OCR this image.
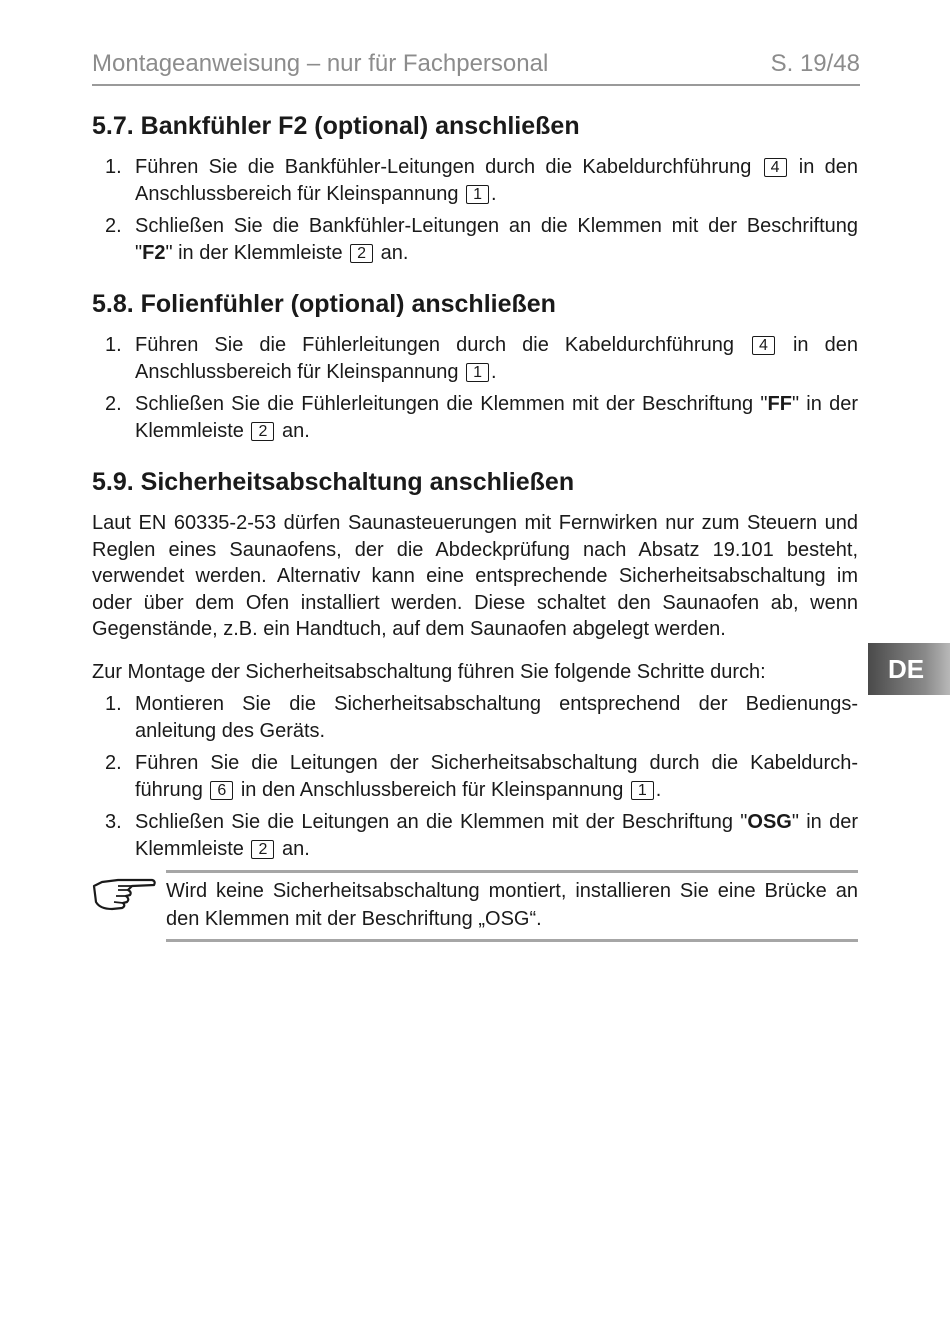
Montageanweisung – nur für Fachpersonal	S. 19/48
5.7. Bankfühler F2 (optional) anschließen
1. Führen Sie die Bankfühler-Leitungen durch die Kabeldurchführung 4 in den Anschlussbereich für Kleinspannung 1 .
2. Schließen Sie die Bankfühler-Leitungen an die Klemmen mit der Beschriftung "F2" in der Klemmleiste 2 an.
5.8. Folienfühler (optional) anschließen
1. Führen Sie die Fühlerleitungen durch die Kabeldurchführung 4 in den Anschlussbereich für Kleinspannung 1 .
2. Schließen Sie die Fühlerleitungen die Klemmen mit der Beschriftung "FF" in der Klemmleiste 2 an.
5.9. Sicherheitsabschaltung anschließen

Laut EN 60335-2-53 dürfen Saunasteuerungen mit Fernwirken nur zum Steuern und Reglen eines Saunaofens, der die Abdeckprüfung nach Absatz 19.101 besteht, verwendet werden. Alternativ kann eine entsprechende Sicherheitsabschaltung im oder über dem Ofen installiert werden. Diese schaltet den Saunaofen ab, wenn Gegenstände, z.B. ein Handtuch, auf dem Saunaofen abgelegt werden.

Zur Montage der Sicherheitsabschaltung führen Sie folgende Schritte durch:

1. Montieren Sie die Sicherheitsabschaltung entsprechend der Bedienungs-anleitung des Geräts.
2. Führen Sie die Leitungen der Sicherheitsabschaltung durch die Kabeldurch-führung 6 in den Anschlussbereich für Kleinspannung 1 .
3. Schließen Sie die Leitungen an die Klemmen mit der Beschriftung "OSG" in der Klemmleiste 2 an.
Wird keine Sicherheitsabschaltung montiert, installieren Sie eine Brücke an den Klemmen mit der Beschriftung „OSG“.
DE
